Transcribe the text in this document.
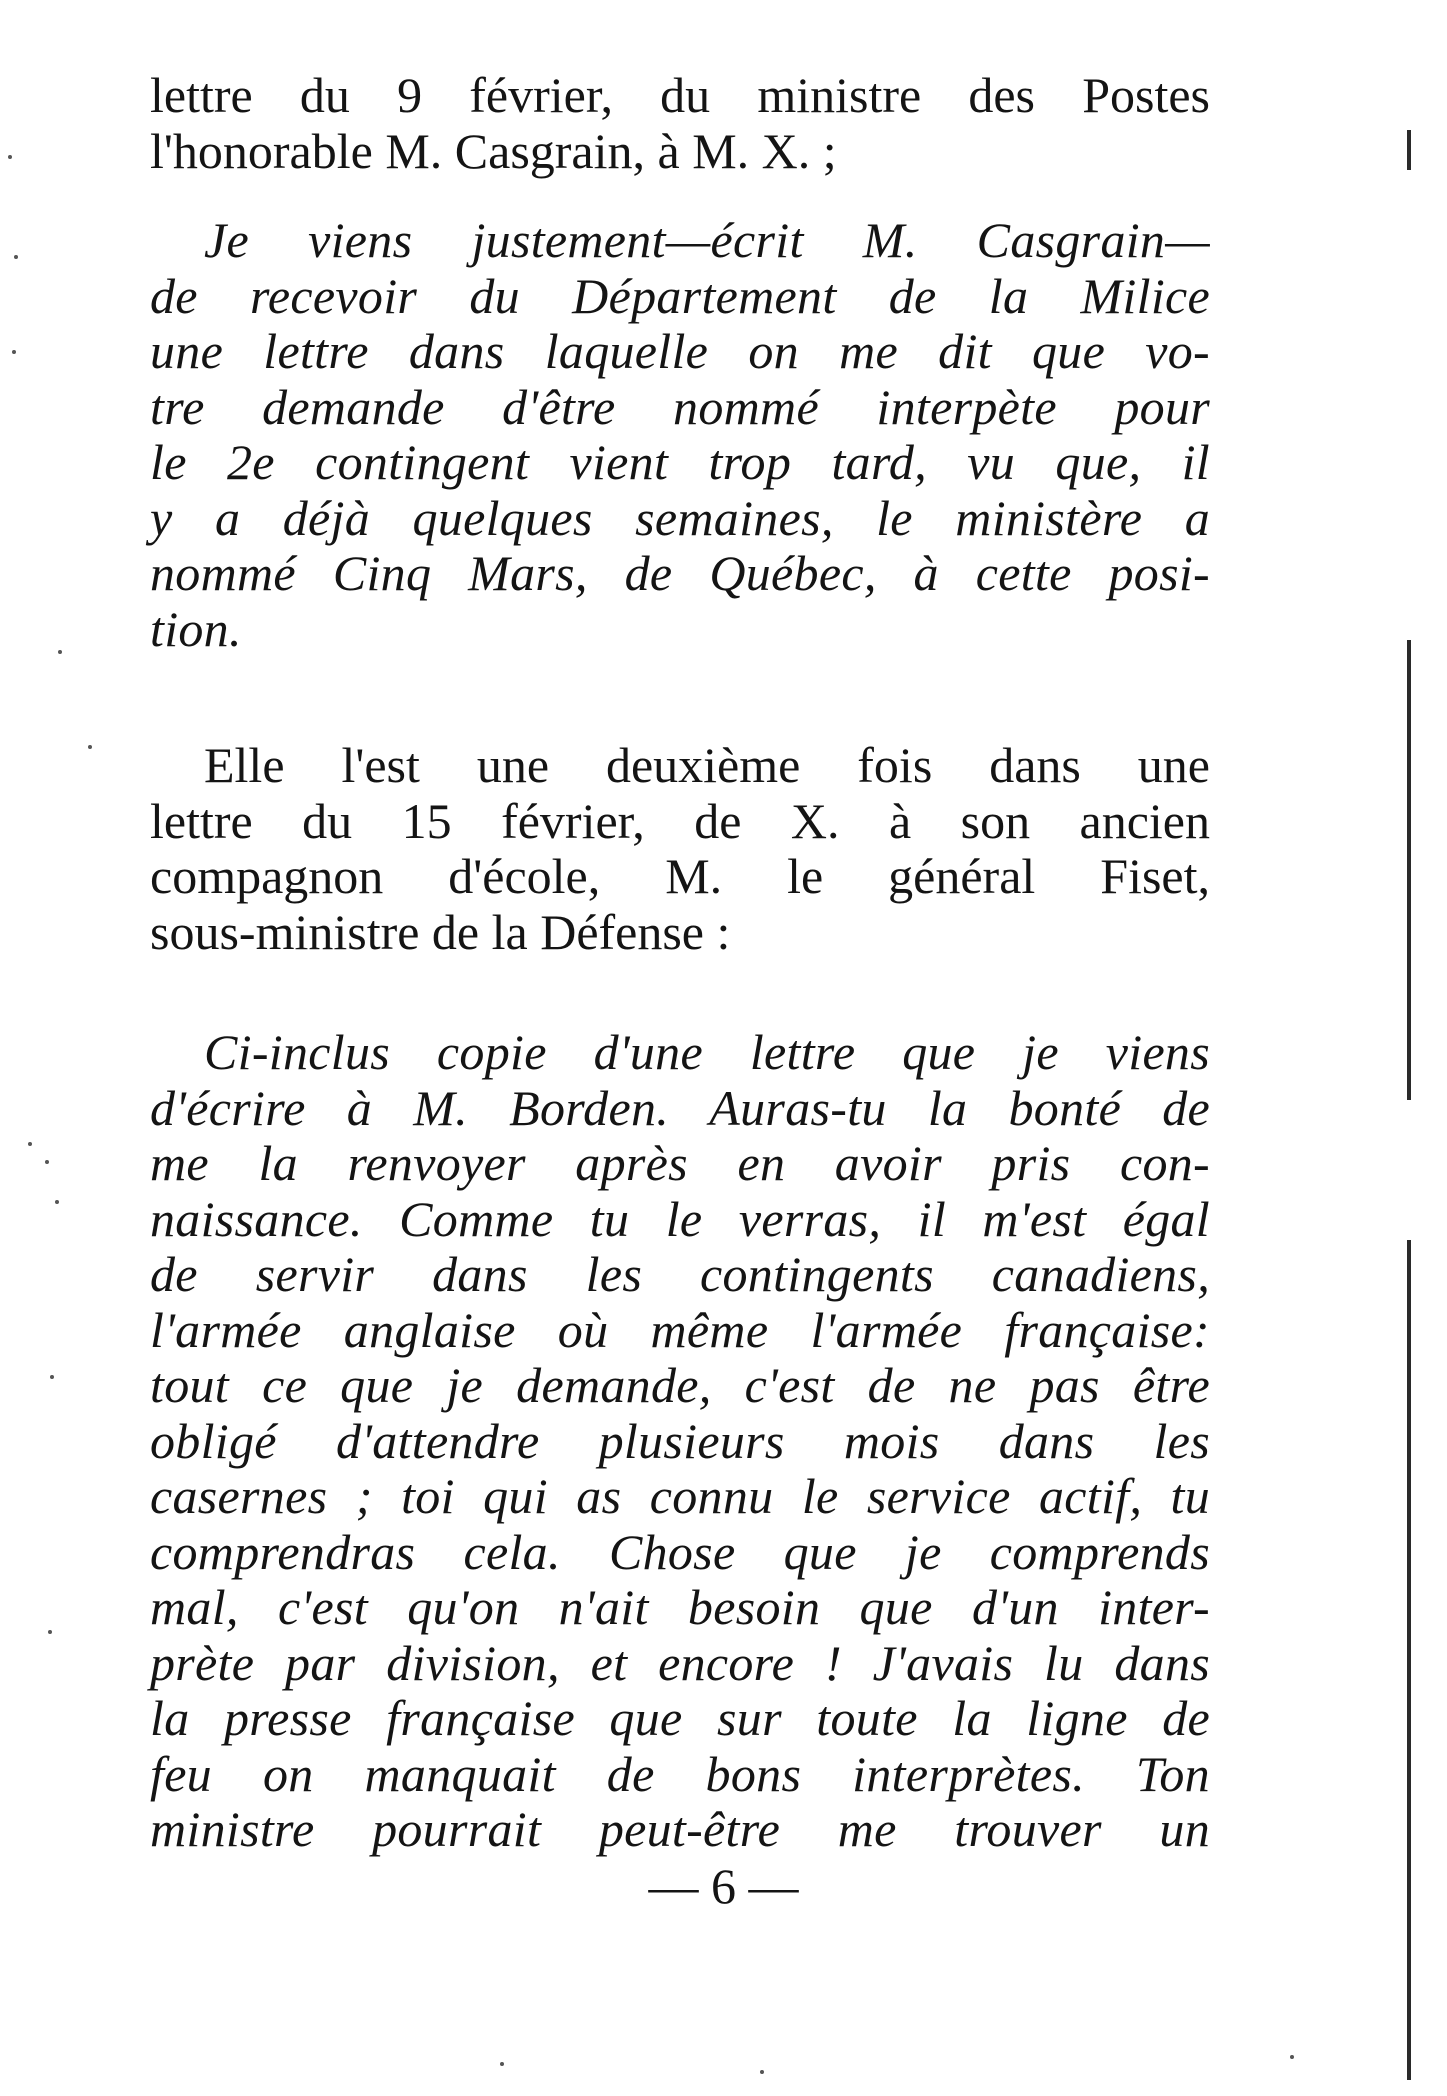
lettre du 9 février, du ministre des Postes
l'honorable M. Casgrain, à M. X. ;
Je viens justement—écrit M. Casgrain—
de recevoir du Département de la Milice
une lettre dans laquelle on me dit que vo-
tre demande d'être nommé interpète pour
le 2e contingent vient trop tard, vu que, il
y a déjà quelques semaines, le ministère a
nommé Cinq Mars, de Québec, à cette posi-
tion.
Elle l'est une deuxième fois dans une
lettre du 15 février, de X. à son ancien
compagnon d'école, M. le général Fiset,
sous-ministre de la Défense :
Ci-inclus copie d'une lettre que je viens
d'écrire à M. Borden. Auras-tu la bonté de
me la renvoyer après en avoir pris con-
naissance. Comme tu le verras, il m'est égal
de servir dans les contingents canadiens,
l'armée anglaise où même l'armée française:
tout ce que je demande, c'est de ne pas être
obligé d'attendre plusieurs mois dans les
casernes ; toi qui as connu le service actif, tu
comprendras cela. Chose que je comprends
mal, c'est qu'on n'ait besoin que d'un inter-
prète par division, et encore ! J'avais lu dans
la presse française que sur toute la ligne de
feu on manquait de bons interprètes. Ton
ministre pourrait peut-être me trouver un
— 6 —
